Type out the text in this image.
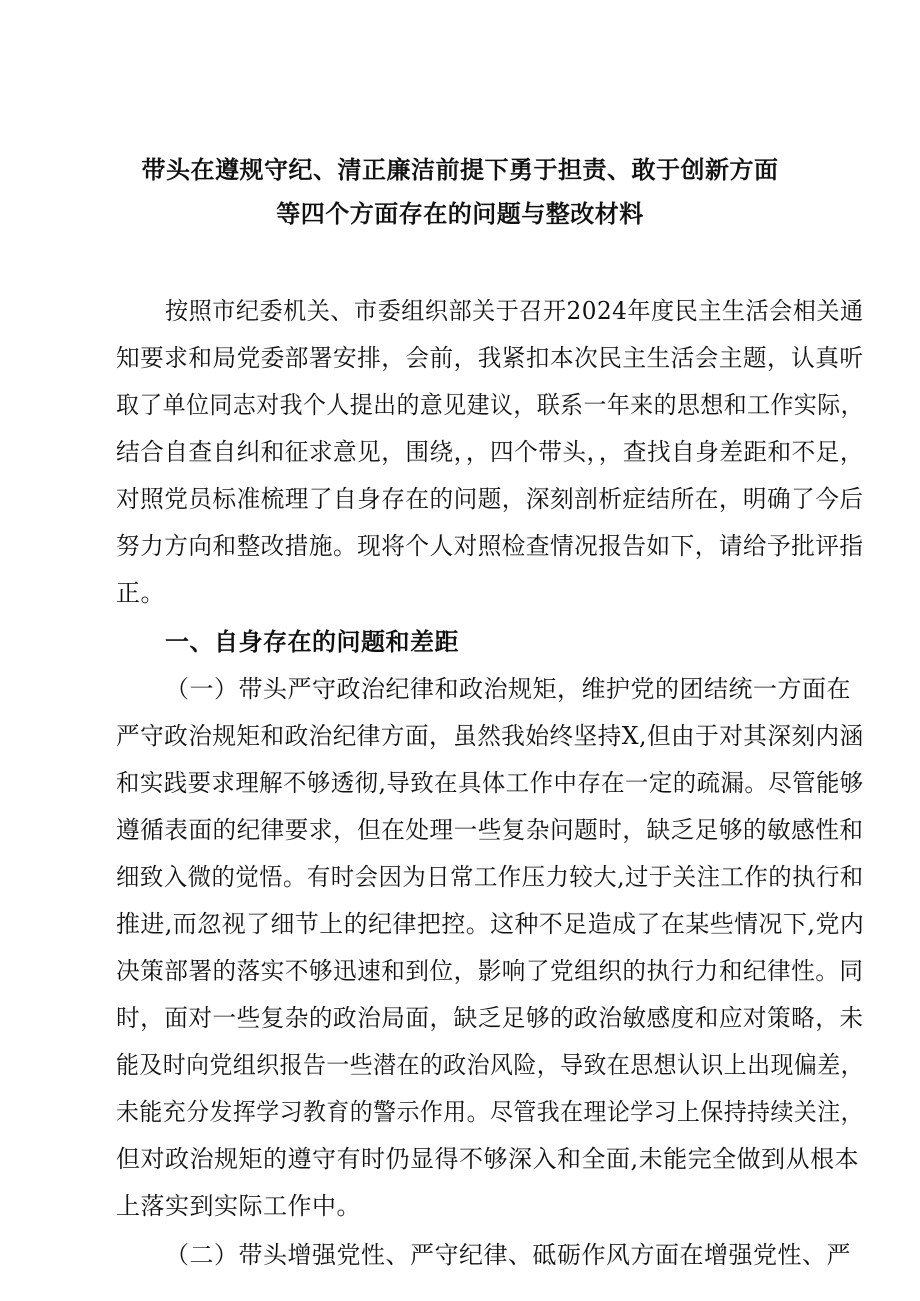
带头在遵规守纪、清正廉洁前提下勇于担责、敢于创新方面
等四个方面存在的问题与整改材料
按照市纪委机关、市委组织部关于召开2024年度民主生活会相关通
知要求和局党委部署安排，会前，我紧扣本次民主生活会主题，认真听
取了单位同志对我个人提出的意见建议，联系一年来的思想和工作实际，
结合自查自纠和征求意见，围绕，，四个带头，，查找自身差距和不足，
对照党员标准梳理了自身存在的问题，深刻剖析症结所在，明确了今后
努力方向和整改措施。现将个人对照检查情况报告如下，请给予批评指
正。
一、自身存在的问题和差距
（一）带头严守政治纪律和政治规矩，维护党的团结统一方面在
严守政治规矩和政治纪律方面，虽然我始终坚持X,但由于对其深刻内涵
和实践要求理解不够透彻,导致在具体工作中存在一定的疏漏。尽管能够
遵循表面的纪律要求，但在处理一些复杂问题时，缺乏足够的敏感性和
细致入微的觉悟。有时会因为日常工作压力较大,过于关注工作的执行和
推进,而忽视了细节上的纪律把控。这种不足造成了在某些情况下,党内
决策部署的落实不够迅速和到位，影响了党组织的执行力和纪律性。同
时，面对一些复杂的政治局面，缺乏足够的政治敏感度和应对策略，未
能及时向党组织报告一些潜在的政治风险，导致在思想认识上出现偏差，
未能充分发挥学习教育的警示作用。尽管我在理论学习上保持持续关注，
但对政治规矩的遵守有时仍显得不够深入和全面,未能完全做到从根本
上落实到实际工作中。
（二）带头增强党性、严守纪律、砥砺作风方面在增强党性、严
